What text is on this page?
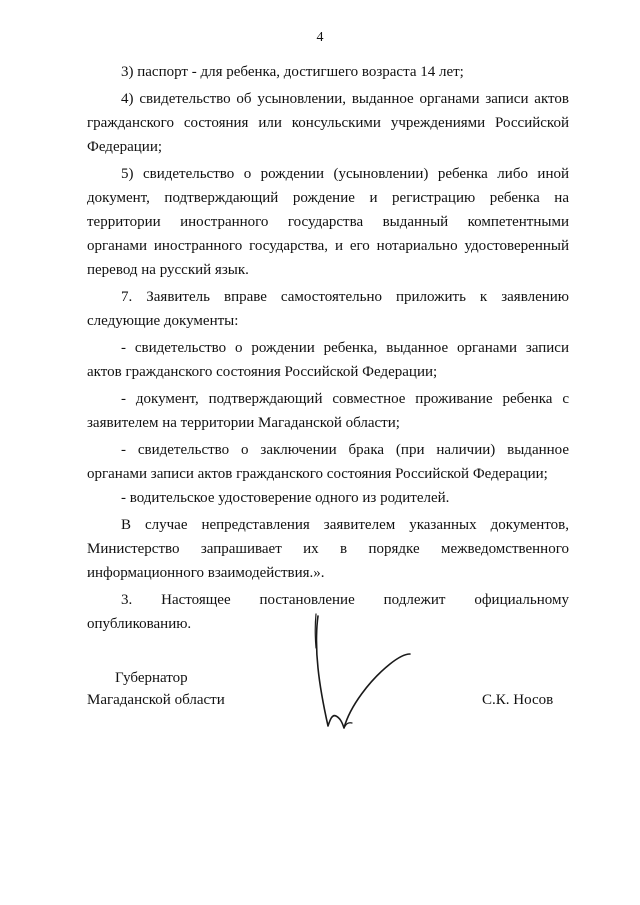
4

3) паспорт - для ребенка, достигшего возраста 14 лет;

4) свидетельство об усыновлении, выданное органами записи актов гражданского состояния или консульскими учреждениями Российской Федерации;

5) свидетельство о рождении (усыновлении) ребенка либо иной документ, подтверждающий рождение и регистрацию ребенка на территории иностранного государства выданный компетентными органами иностранного государства, и его нотариально удостоверенный перевод на русский язык.

7. Заявитель вправе самостоятельно приложить к заявлению следующие документы:

- свидетельство о рождении ребенка, выданное органами записи актов гражданского состояния Российской Федерации;

- документ, подтверждающий совместное проживание ребенка с заявителем на территории Магаданской области;

- свидетельство о заключении брака (при наличии) выданное органами записи актов гражданского состояния Российской Федерации;

- водительское удостоверение одного из родителей.

В случае непредставления заявителем указанных документов, Министерство запрашивает их в порядке межведомственного информационного взаимодействия.».

3. Настоящее постановление подлежит официальному опубликованию.

Губернатор
Магаданской области	С.К. Носов
